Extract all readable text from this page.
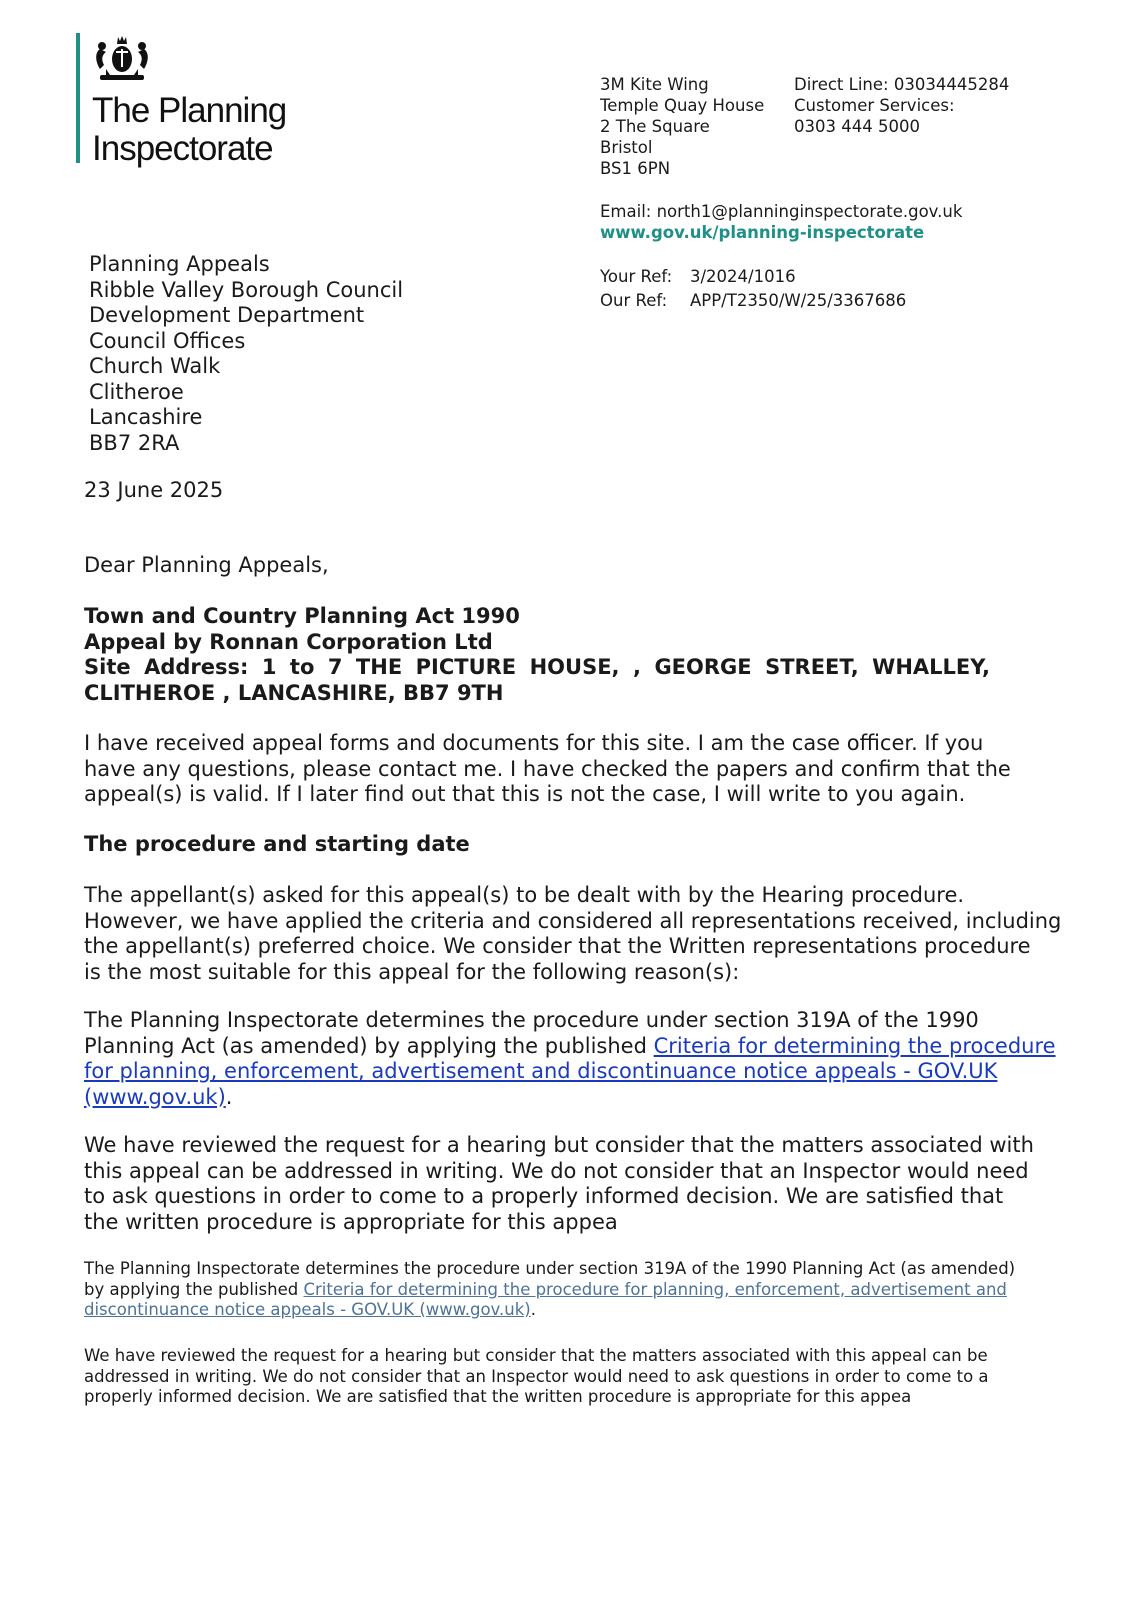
The Planning
Inspectorate
3M Kite Wing
Temple Quay House
2 The Square
Bristol
BS1 6PN
Direct Line: 03034445284
Customer Services:
0303 444 5000
Email: north1@planninginspectorate.gov.uk
www.gov.uk/planning-inspectorate
Your Ref: 3/2024/1016
Our Ref: APP/T2350/W/25/3367686
Planning Appeals
Ribble Valley Borough Council
Development Department
Council Offices
Church Walk
Clitheroe
Lancashire
BB7 2RA
23 June 2025
Dear Planning Appeals,
Town and Country Planning Act 1990
Appeal by Ronnan Corporation Ltd
Site Address: 1 to 7 THE PICTURE HOUSE, , GEORGE STREET, WHALLEY,
CLITHEROE , LANCASHIRE, BB7 9TH
I have received appeal forms and documents for this site. I am the case officer. If you
have any questions, please contact me. I have checked the papers and confirm that the
appeal(s) is valid. If I later find out that this is not the case, I will write to you again.
The procedure and starting date
The appellant(s) asked for this appeal(s) to be dealt with by the Hearing procedure.
However, we have applied the criteria and considered all representations received, including
the appellant(s) preferred choice. We consider that the Written representations procedure
is the most suitable for this appeal for the following reason(s):
The Planning Inspectorate determines the procedure under section 319A of the 1990
Planning Act (as amended) by applying the published Criteria for determining the procedure
for planning, enforcement, advertisement and discontinuance notice appeals - GOV.UK
(www.gov.uk).
We have reviewed the request for a hearing but consider that the matters associated with
this appeal can be addressed in writing. We do not consider that an Inspector would need
to ask questions in order to come to a properly informed decision. We are satisfied that
the written procedure is appropriate for this appea
The Planning Inspectorate determines the procedure under section 319A of the 1990 Planning Act (as amended)
by applying the published Criteria for determining the procedure for planning, enforcement, advertisement and
discontinuance notice appeals - GOV.UK (www.gov.uk).
We have reviewed the request for a hearing but consider that the matters associated with this appeal can be
addressed in writing. We do not consider that an Inspector would need to ask questions in order to come to a
properly informed decision. We are satisfied that the written procedure is appropriate for this appea
